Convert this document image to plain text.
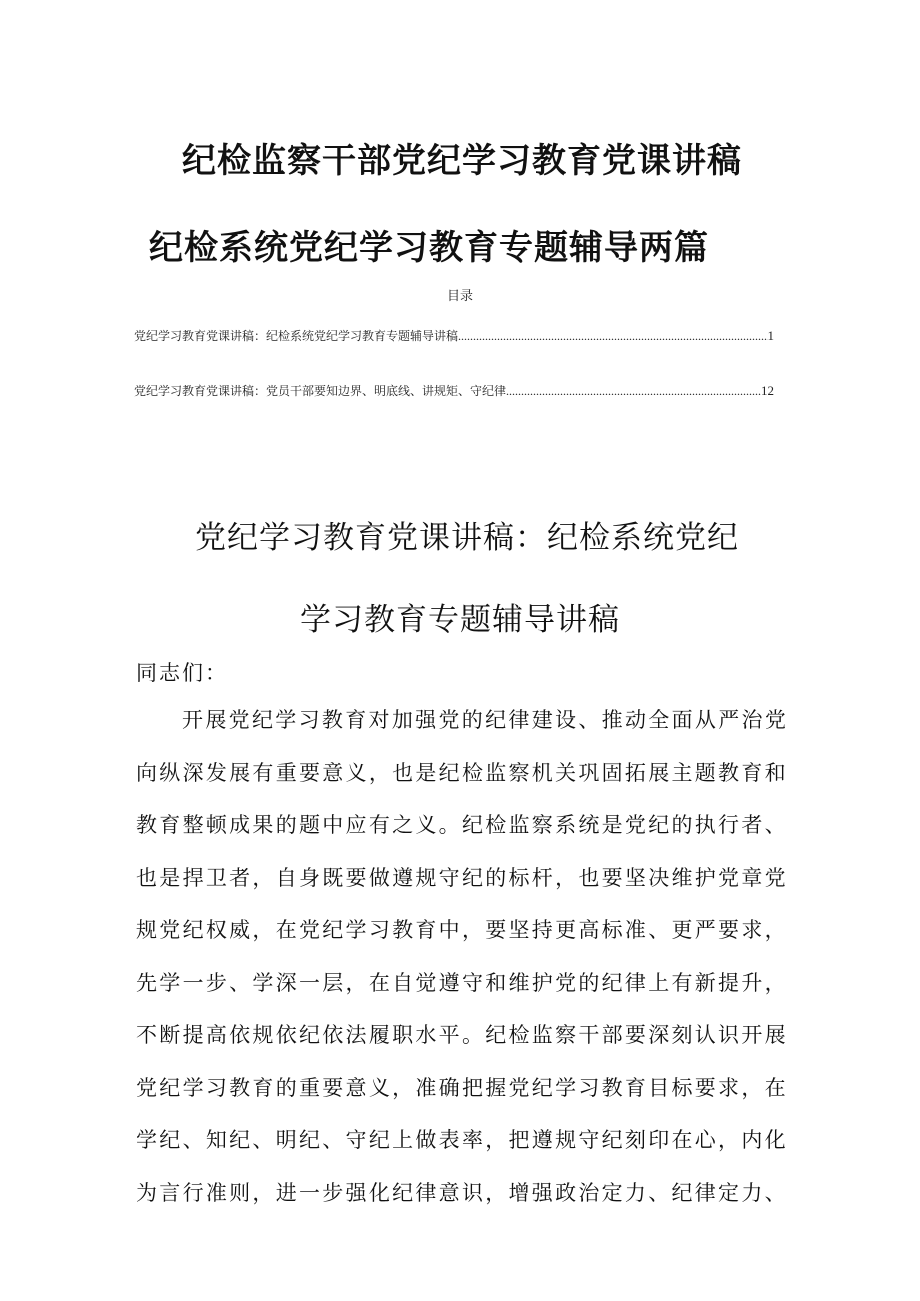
纪检监察干部党纪学习教育党课讲稿
纪检系统党纪学习教育专题辅导两篇
目录
党纪学习教育党课讲稿：纪检系统党纪学习教育专题辅导讲稿 .....	1
党纪学习教育党课讲稿：党员干部要知边界、明底线、讲规矩、守纪律 .....	12
党纪学习教育党课讲稿：纪检系统党纪
学习教育专题辅导讲稿
同志们：
开 展 党 纪 学 习 教 育 对 加 强 党 的 纪 律 建 设 、 推 动 全 面 从 严 治 党
向 纵 深 发 展 有 重 要 意 义 ， 也 是 纪 检 监 察 机 关 巩 固 拓 展 主 题 教 育 和
教 育 整 顿 成 果 的 题 中 应 有 之 义 。 纪 检 监 察 系 统 是 党 纪 的 执 行 者 、
也 是 捍 卫 者 ， 自 身 既 要 做 遵 规 守 纪 的 标 杆 ， 也 要 坚 决 维 护 党 章 党
规 党 纪 权 威 ， 在 党 纪 学 习 教 育 中 ， 要 坚 持 更 高 标 准 、 更 严 要 求 ，
先 学 一 步 、 学 深 一 层 ， 在 自 觉 遵 守 和 维 护 党 的 纪 律 上 有 新 提 升 ，
不 断 提 高 依 规 依 纪 依 法 履 职 水 平 。 纪 检 监 察 干 部 要 深 刻 认 识 开 展
党 纪 学 习 教 育 的 重 要 意 义 ， 准 确 把 握 党 纪 学 习 教 育 目 标 要 求 ， 在
学 纪 、 知 纪 、 明 纪 、 守 纪 上 做 表 率 ， 把 遵 规 守 纪 刻 印 在 心 ， 内 化
为 言 行 准 则 ， 进 一 步 强 化 纪 律 意 识 ， 增 强 政 治 定 力 、 纪 律 定 力 、
